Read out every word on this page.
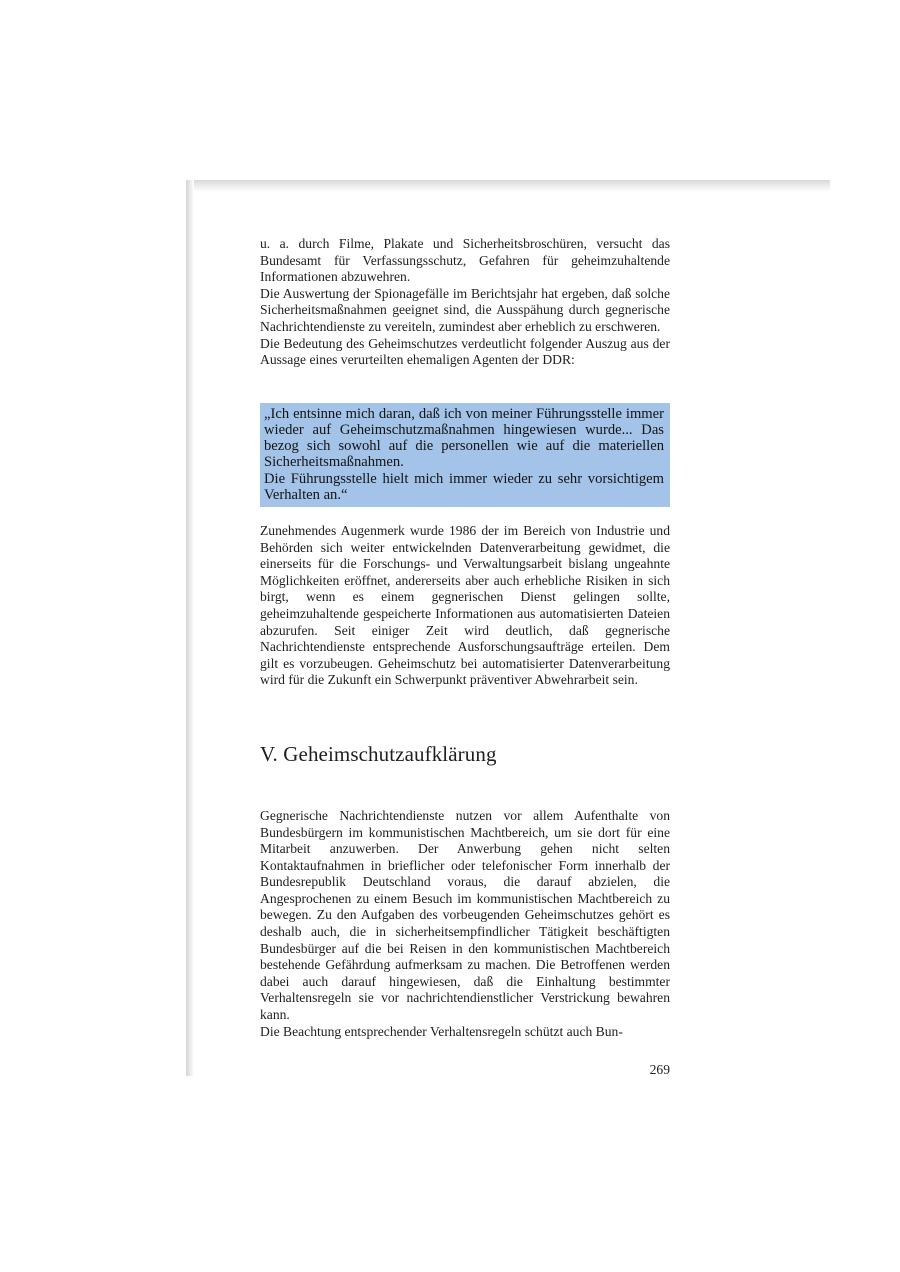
u. a. durch Filme, Plakate und Sicherheitsbroschüren, versucht das Bundesamt für Verfassungsschutz, Gefahren für geheimzuhaltende Informationen abzuwehren.

Die Auswertung der Spionagefälle im Berichtsjahr hat ergeben, daß solche Sicherheitsmaßnahmen geeignet sind, die Ausspähung durch gegnerische Nachrichtendienste zu vereiteln, zumindest aber erheblich zu erschweren.

Die Bedeutung des Geheimschutzes verdeutlicht folgender Auszug aus der Aussage eines verurteilten ehemaligen Agenten der DDR:

„Ich entsinne mich daran, daß ich von meiner Führungsstelle immer wieder auf Geheimschutzmaßnahmen hingewiesen wurde... Das bezog sich sowohl auf die personellen wie auf die materiellen Sicherheitsmaßnahmen.
Die Führungsstelle hielt mich immer wieder zu sehr vorsichtigem Verhalten an.“

Zunehmendes Augenmerk wurde 1986 der im Bereich von Industrie und Behörden sich weiter entwickelnden Datenverarbeitung gewidmet, die einerseits für die Forschungs- und Verwaltungsarbeit bislang ungeahnte Möglichkeiten eröffnet, andererseits aber auch erhebliche Risiken in sich birgt, wenn es einem gegnerischen Dienst gelingen sollte, geheimzuhaltende gespeicherte Informationen aus automatisierten Dateien abzurufen. Seit einiger Zeit wird deutlich, daß gegnerische Nachrichtendienste entsprechende Ausforschungsaufträge erteilen. Dem gilt es vorzubeugen. Geheimschutz bei automatisierter Datenverarbeitung wird für die Zukunft ein Schwerpunkt präventiver Abwehrarbeit sein.

V. Geheimschutzaufklärung

Gegnerische Nachrichtendienste nutzen vor allem Aufenthalte von Bundesbürgern im kommunistischen Machtbereich, um sie dort für eine Mitarbeit anzuwerben. Der Anwerbung gehen nicht selten Kontaktaufnahmen in brieflicher oder telefonischer Form innerhalb der Bundesrepublik Deutschland voraus, die darauf abzielen, die Angesprochenen zu einem Besuch im kommunistischen Machtbereich zu bewegen. Zu den Aufgaben des vorbeugenden Geheimschutzes gehört es deshalb auch, die in sicherheitsempfindlicher Tätigkeit beschäftigten Bundesbürger auf die bei Reisen in den kommunistischen Machtbereich bestehende Gefährdung aufmerksam zu machen. Die Betroffenen werden dabei auch darauf hingewiesen, daß die Einhaltung bestimmter Verhaltensregeln sie vor nachrichtendienstlicher Verstrickung bewahren kann.

Die Beachtung entsprechender Verhaltensregeln schützt auch Bun-

269
